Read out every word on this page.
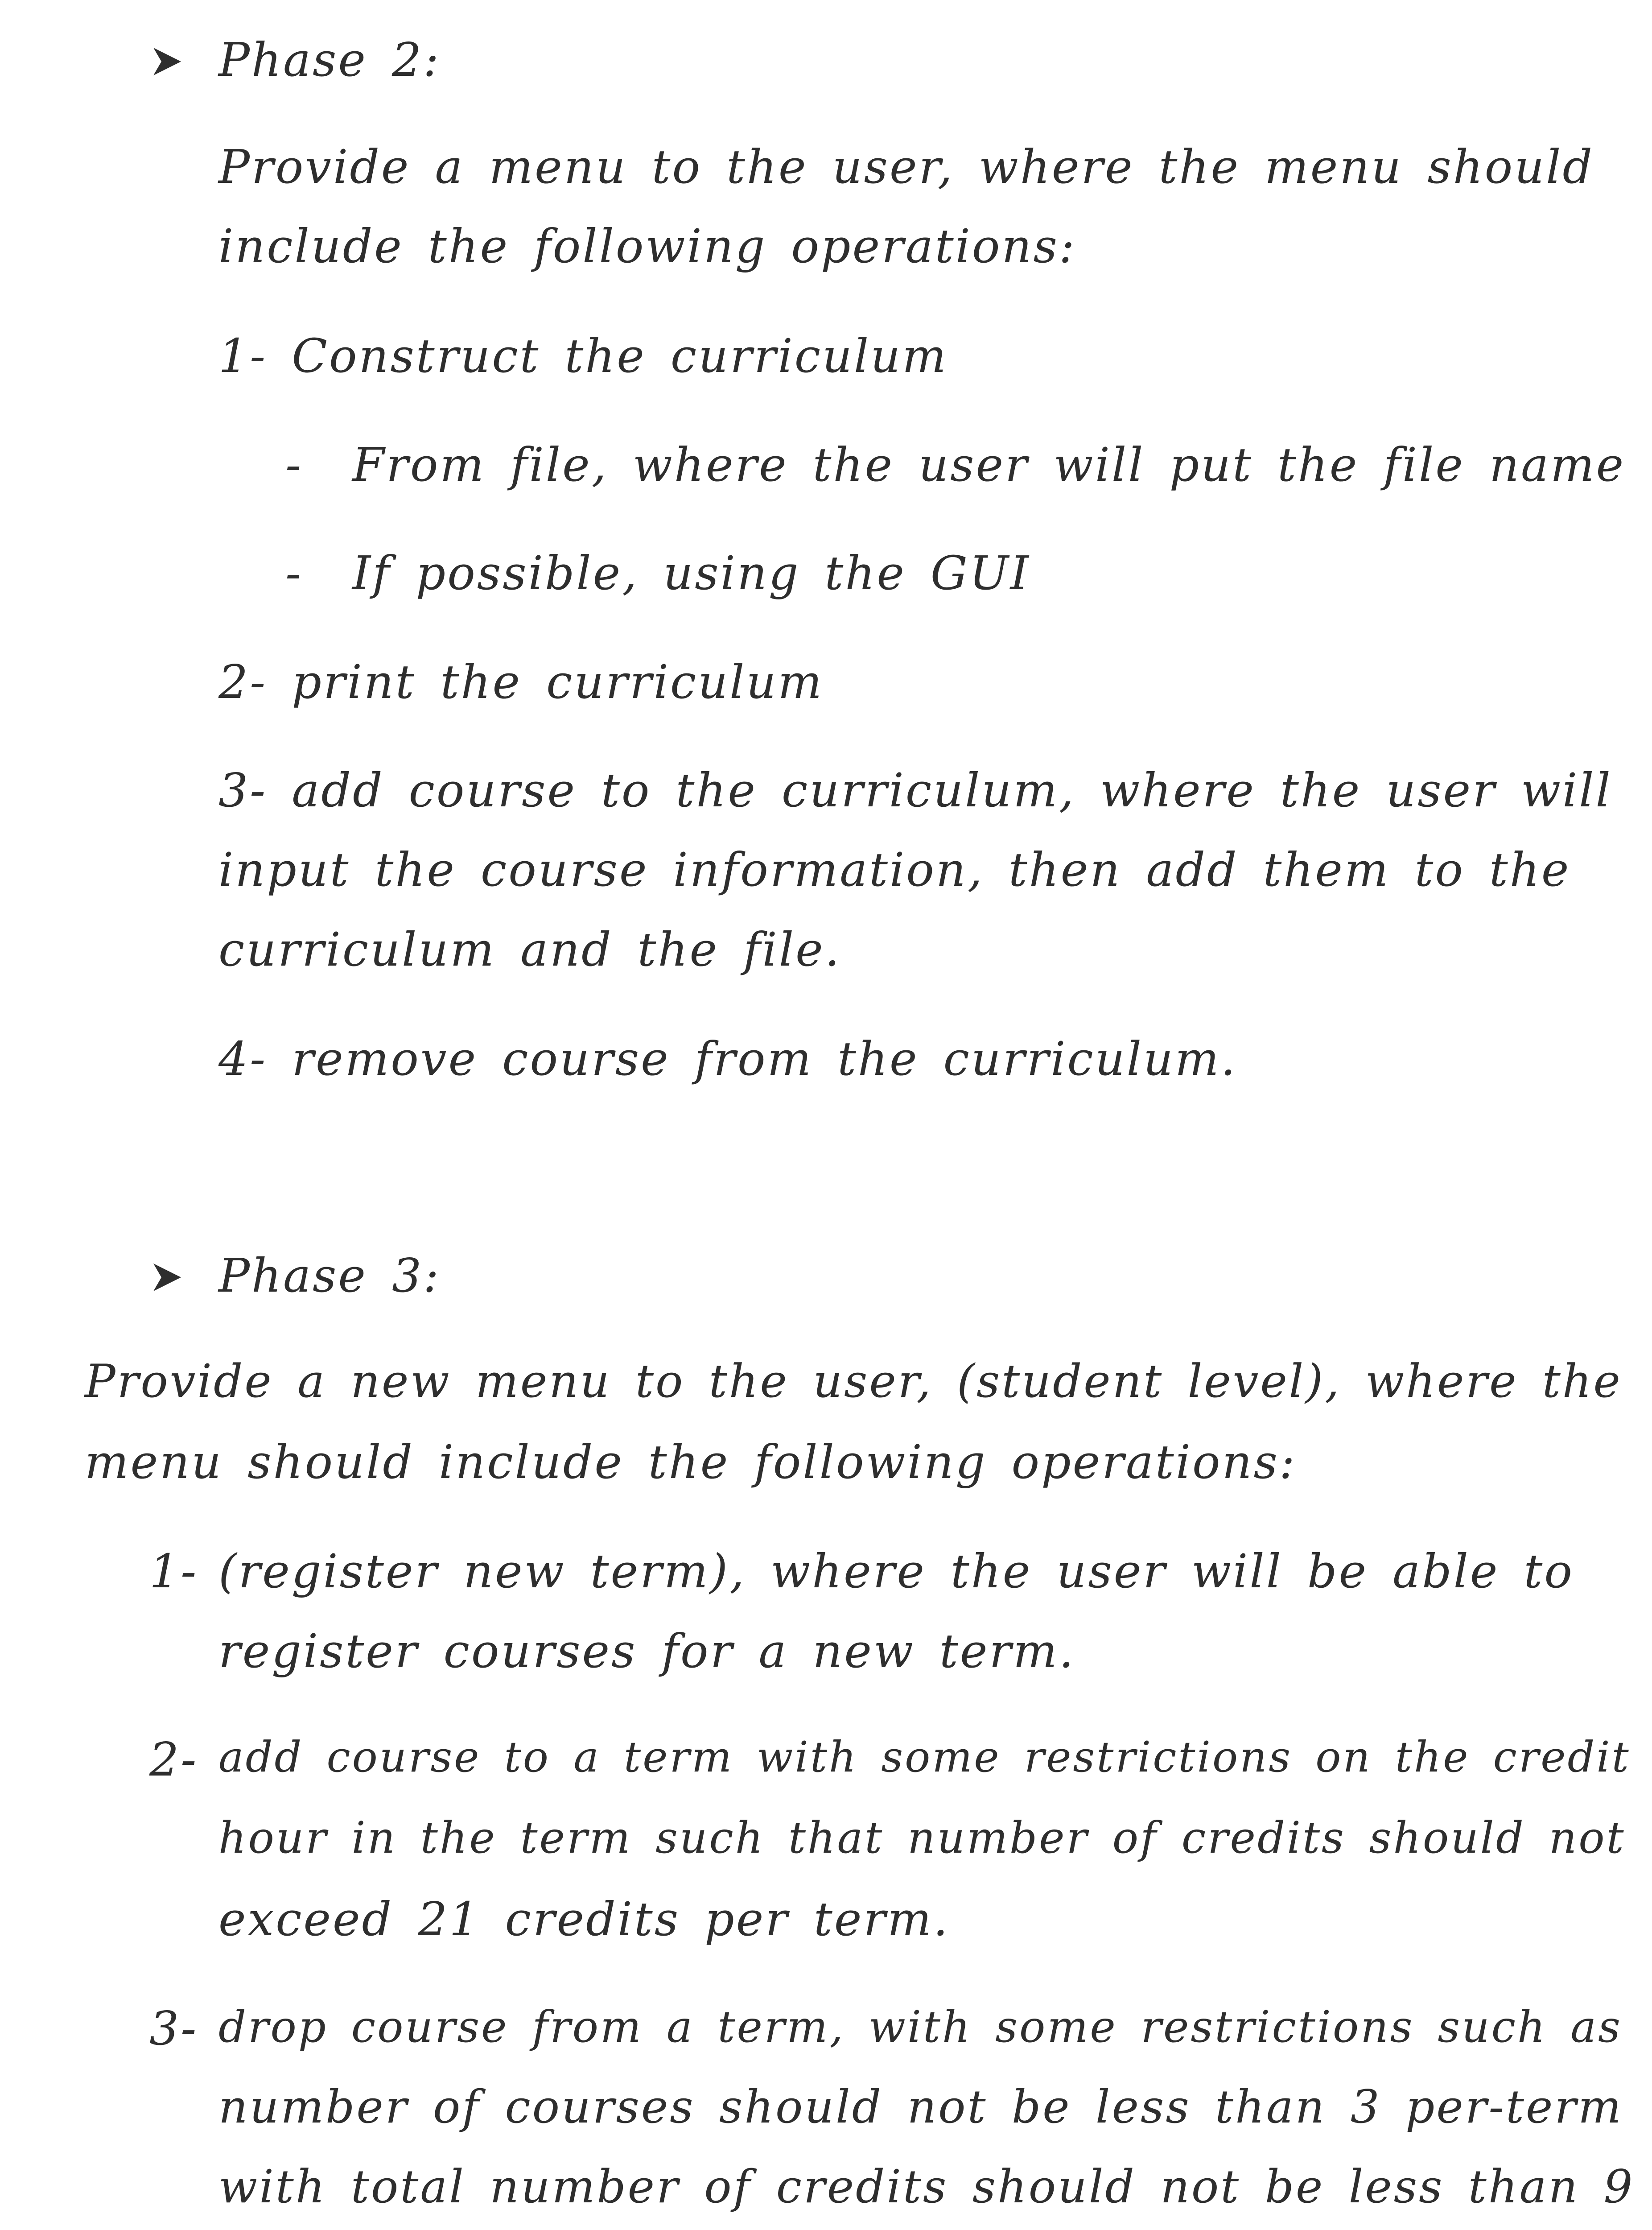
Phase 2:
Provide a menu to the user, where the menu should
include the following operations:
1- Construct the curriculum
- From file, where the user will put the file name
- If possible, using the GUI
2- print the curriculum
3- add course to the curriculum, where the user will
input the course information, then add them to the
curriculum and the file.
4- remove course from the curriculum.
Phase 3:
Provide a new menu to the user, (student level), where the
menu should include the following operations:
1- (register new term), where the user will be able to
register courses for a new term.
2- add course to a term with some restrictions on the credit
hour in the term such that number of credits should not
exceed 21 credits per term.
3- drop course from a term, with some restrictions such as
number of courses should not be less than 3 per-term
with total number of credits should not be less than 9
